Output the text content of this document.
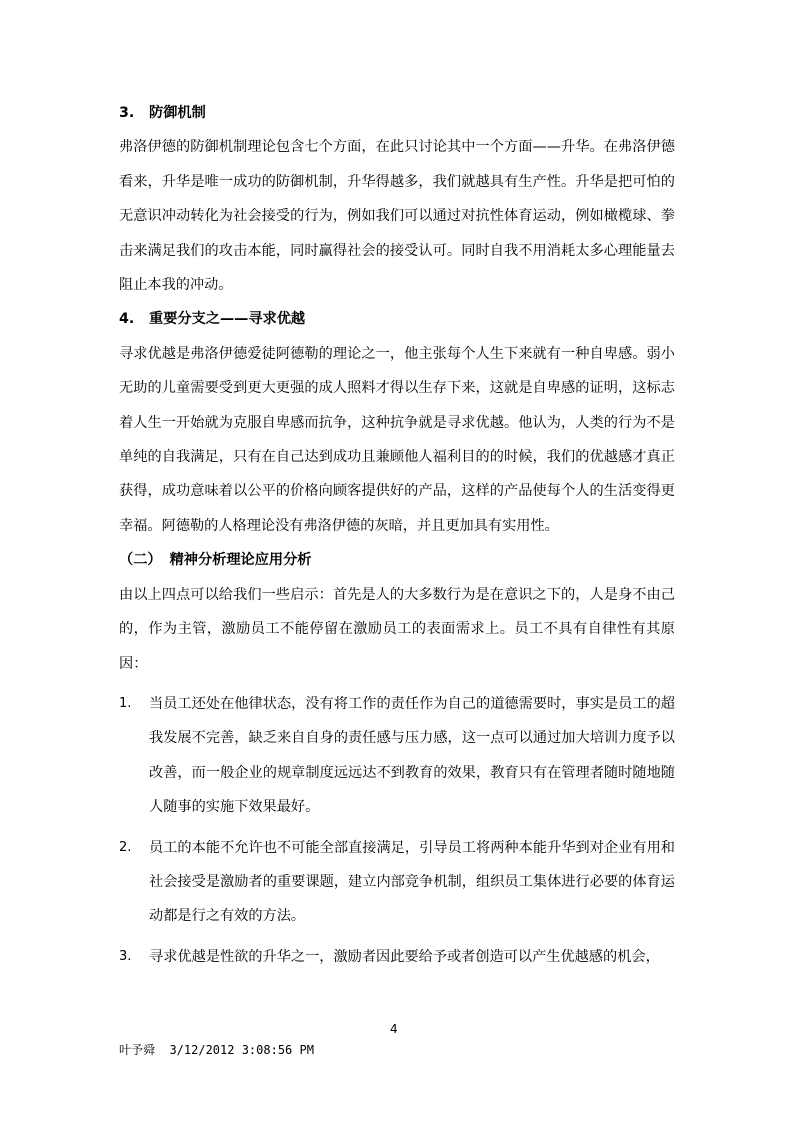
3.	防御机制

弗洛伊德的防御机制理论包含七个方面，在此只讨论其中一个方面——升华。在弗洛伊德看来，升华是唯一成功的防御机制，升华得越多，我们就越具有生产性。升华是把可怕的无意识冲动转化为社会接受的行为，例如我们可以通过对抗性体育运动，例如橄榄球、拳击来满足我们的攻击本能，同时赢得社会的接受认可。同时自我不用消耗太多心理能量去阻止本我的冲动。

4.	重要分支之——寻求优越

寻求优越是弗洛伊德爱徒阿德勒的理论之一，他主张每个人生下来就有一种自卑感。弱小无助的儿童需要受到更大更强的成人照料才得以生存下来，这就是自卑感的证明，这标志着人生一开始就为克服自卑感而抗争，这种抗争就是寻求优越。他认为，人类的行为不是单纯的自我满足，只有在自己达到成功且兼顾他人福利目的的时候，我们的优越感才真正获得，成功意味着以公平的价格向顾客提供好的产品，这样的产品使每个人的生活变得更幸福。阿德勒的人格理论没有弗洛伊德的灰暗，并且更加具有实用性。

（二） 精神分析理论应用分析

由以上四点可以给我们一些启示：首先是人的大多数行为是在意识之下的，人是身不由己的，作为主管，激励员工不能停留在激励员工的表面需求上。员工不具有自律性有其原因：

1.	当员工还处在他律状态，没有将工作的责任作为自己的道德需要时，事实是员工的超我发展不完善，缺乏来自自身的责任感与压力感，这一点可以通过加大培训力度予以改善，而一般企业的规章制度远远达不到教育的效果，教育只有在管理者随时随地随人随事的实施下效果最好。
2.	员工的本能不允许也不可能全部直接满足，引导员工将两种本能升华到对企业有用和社会接受是激励者的重要课题，建立内部竞争机制，组织员工集体进行必要的体育运动都是行之有效的方法。
3.	寻求优越是性欲的升华之一，激励者因此要给予或者创造可以产生优越感的机会，
4
叶予舜  3/12/2012 3:08:56 PM
